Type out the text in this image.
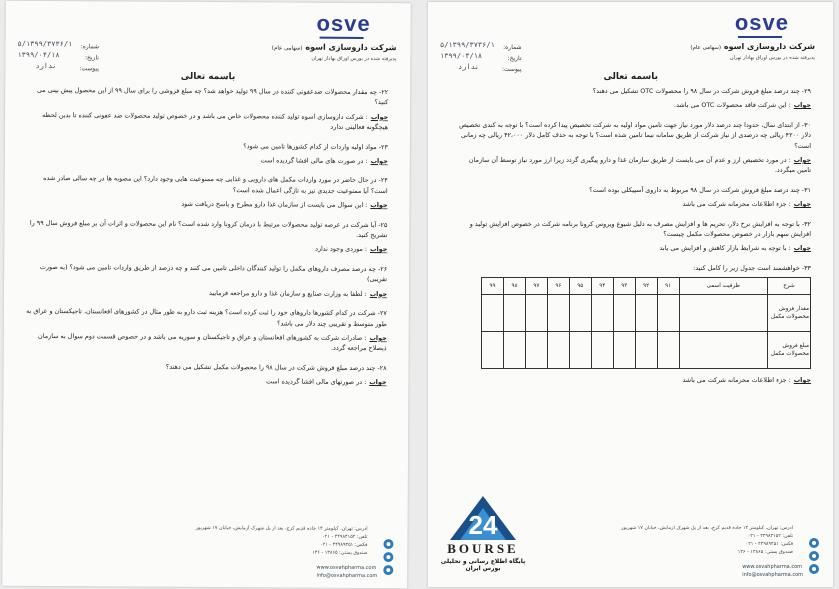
osve
شرکت داروسازی اسوه (سهامی عام)
پذیرفته شده در بورس اوراق بهادار تهران
شماره:
تاریخ:
پیوست:
۵/۱۳۹۹/۳۷۳۶/۱
۱۳۹۹/۰۴/۱۸
ندارد
باسمه تعالی

۲۲- چه مقدار محصولات ضدعفونی کننده در سال ۹۹ تولید خواهد شد؟ چه مبلغ فروشی را برای سال ۹۹ از این محصول پیش بینی می کنید؟

جواب: شرکت داروسازی اسوه تولید کننده محصولات خاص می باشد و در خصوص تولید محصولات ضد عفونی کننده تا بدین لحظه هیچگونه فعالیتی ندارد

۲۳- مواد اولیه واردات از کدام کشورها تامین می شود؟

جواب: در صورت های مالی افشا گردیده است

۲۴- در حال حاضر در مورد واردات مکمل های دارویی و غذایی چه ممنوعیت هایی وجود دارد؟ این مصوبه ها در چه سالی صادر شده است؟ آیا ممنوعیت جدیدی نیز به تازگی اعمال شده است؟

جواب: این سوال می بایست از سازمان غذا دارو مطرح و پاسخ دریافت شود

۲۵- آیا شرکت در عرصه تولید محصولات مرتبط با درمان کرونا وارد شده است؟ نام این محصولات و اثرات آن بر مبلغ فروش سال ۹۹ را تشریح کنید.

جواب: موردی وجود ندارد

۲۶- چه درصد مصرف داروهای مکمل را تولید کنندگان داخلی تامین می کنند و چه درصد از طریق واردات تامین می شود؟ (به صورت تقریبی)

جواب: لطفا به وزارت صنایع و سازمان غذا و دارو مراجعه فرمایید

۲۷- شرکت در کدام کشورها داروهای خود را ثبت کرده است؟ هزینه ثبت دارو به طور مثال در کشورهای افغانستان، تاجیکستان و عراق به طور متوسط و تقریبی چند دلار می باشد؟

جواب: صادرات شرکت به کشورهای افغانستان و عراق و تاجیکستان و سوریه می باشد و در خصوص قسمت دوم سوال به سازمان ذیصلاح مراجعه گردد.

۲۸- چند درصد مبلغ فروش شرکت در سال ۹۸ را محصولات مکمل تشکیل می دهند؟

جواب: در صورتهای مالی افشا گردیده است

آدرس: تهران، کیلومتر ۱۴ جاده قدیم کرج، بعد از پل شهرک آزمایش، خیابان ۱۷ شهریور
تلفن: ۴۴۹۸۴۱۵۲ - ۰۲۱
فکس: ۴۴۹۸۹۴۵۱ - ۰۲۱
صندوق پستی: ۱۳۸۶۵ - ۱۳۶
www.osvahpharma.com
info@osvahpharma.com
osve
شرکت داروسازی اسوه (سهامی عام)
پذیرفته شده در بورس اوراق بهادار تهران
شماره:
تاریخ:
پیوست:
۵/۱۳۹۹/۳۷۳۶/۱
۱۳۹۹/۰۴/۱۸
ندارد
باسمه تعالی

۲۹- چند درصد مبلغ فروش شرکت در سال ۹۸ را محصولات OTC تشکیل می دهند؟

جواب: این شرکت فاقد محصولات OTC می باشد.

۳۰- از ابتدای سال، حدودا چند درصد دلار مورد نیاز جهت تامین مواد اولیه به شرکت تخصیص پیدا کرده است؟ با توجه به کندی تخصیص دلار ۴۲۰۰ ریالی چه درصدی از نیاز شرکت از طریق سامانه نیما تامین شده است؟ با توجه به حذف کامل دلار ۴۲،۰۰۰ ریالی چه زمانی است؟

جواب: در مورد تخصیص ارز و عدم آن می بایست از طریق سازمان غذا و دارو پیگیری گردد زیرا ارز مورد نیاز توسط آن سازمان تامین میگردد.

۳۱- چند درصد مبلغ فروش شرکت در سال ۹۸ مربوط به داروی آسپیکلی بوده است؟

جواب: جزء اطلاعات محرمانه شرکت می باشد

۳۲- با توجه به افزایش نرخ دلار، تحریم ها و افزایش مصرف به دلیل شیوع ویروس کرونا برنامه شرکت در خصوص افزایش تولید و افزایش سهم بازار در خصوص محصولات مکمل چیست؟

جواب: با توجه به شرایط بازار کاهش و افزایش می یابد

۳۳- خواهشمند است جدول زیر را کامل کنید:

شرح	ظرفیت اسمی	۹۱	۹۲	۹۳	۹۴	۹۵	۹۶	۹۷	۹۸	۹۹
مقدار فروش محصولات مکمل										
مبلغ فروش محصولات مکمل										

جواب: جزء اطلاعات محرمانه شرکت می باشد

آدرس: تهران، کیلومتر ۱۴ جاده قدیم کرج، بعد از پل شهرک آزمایش، خیابان ۱۷ شهریور
تلفن: ۴۴۹۸۴۱۵۲ - ۰۲۱
فکس: ۴۴۹۸۹۴۵۱ - ۰۲۱
صندوق پستی: ۱۳۸۶۵ - ۱۳۶
www.osvahpharma.com
info@osvahpharma.com
24
BOURSE
پایگاه اطلاع رسانی و تحلیلی بورس ایران
